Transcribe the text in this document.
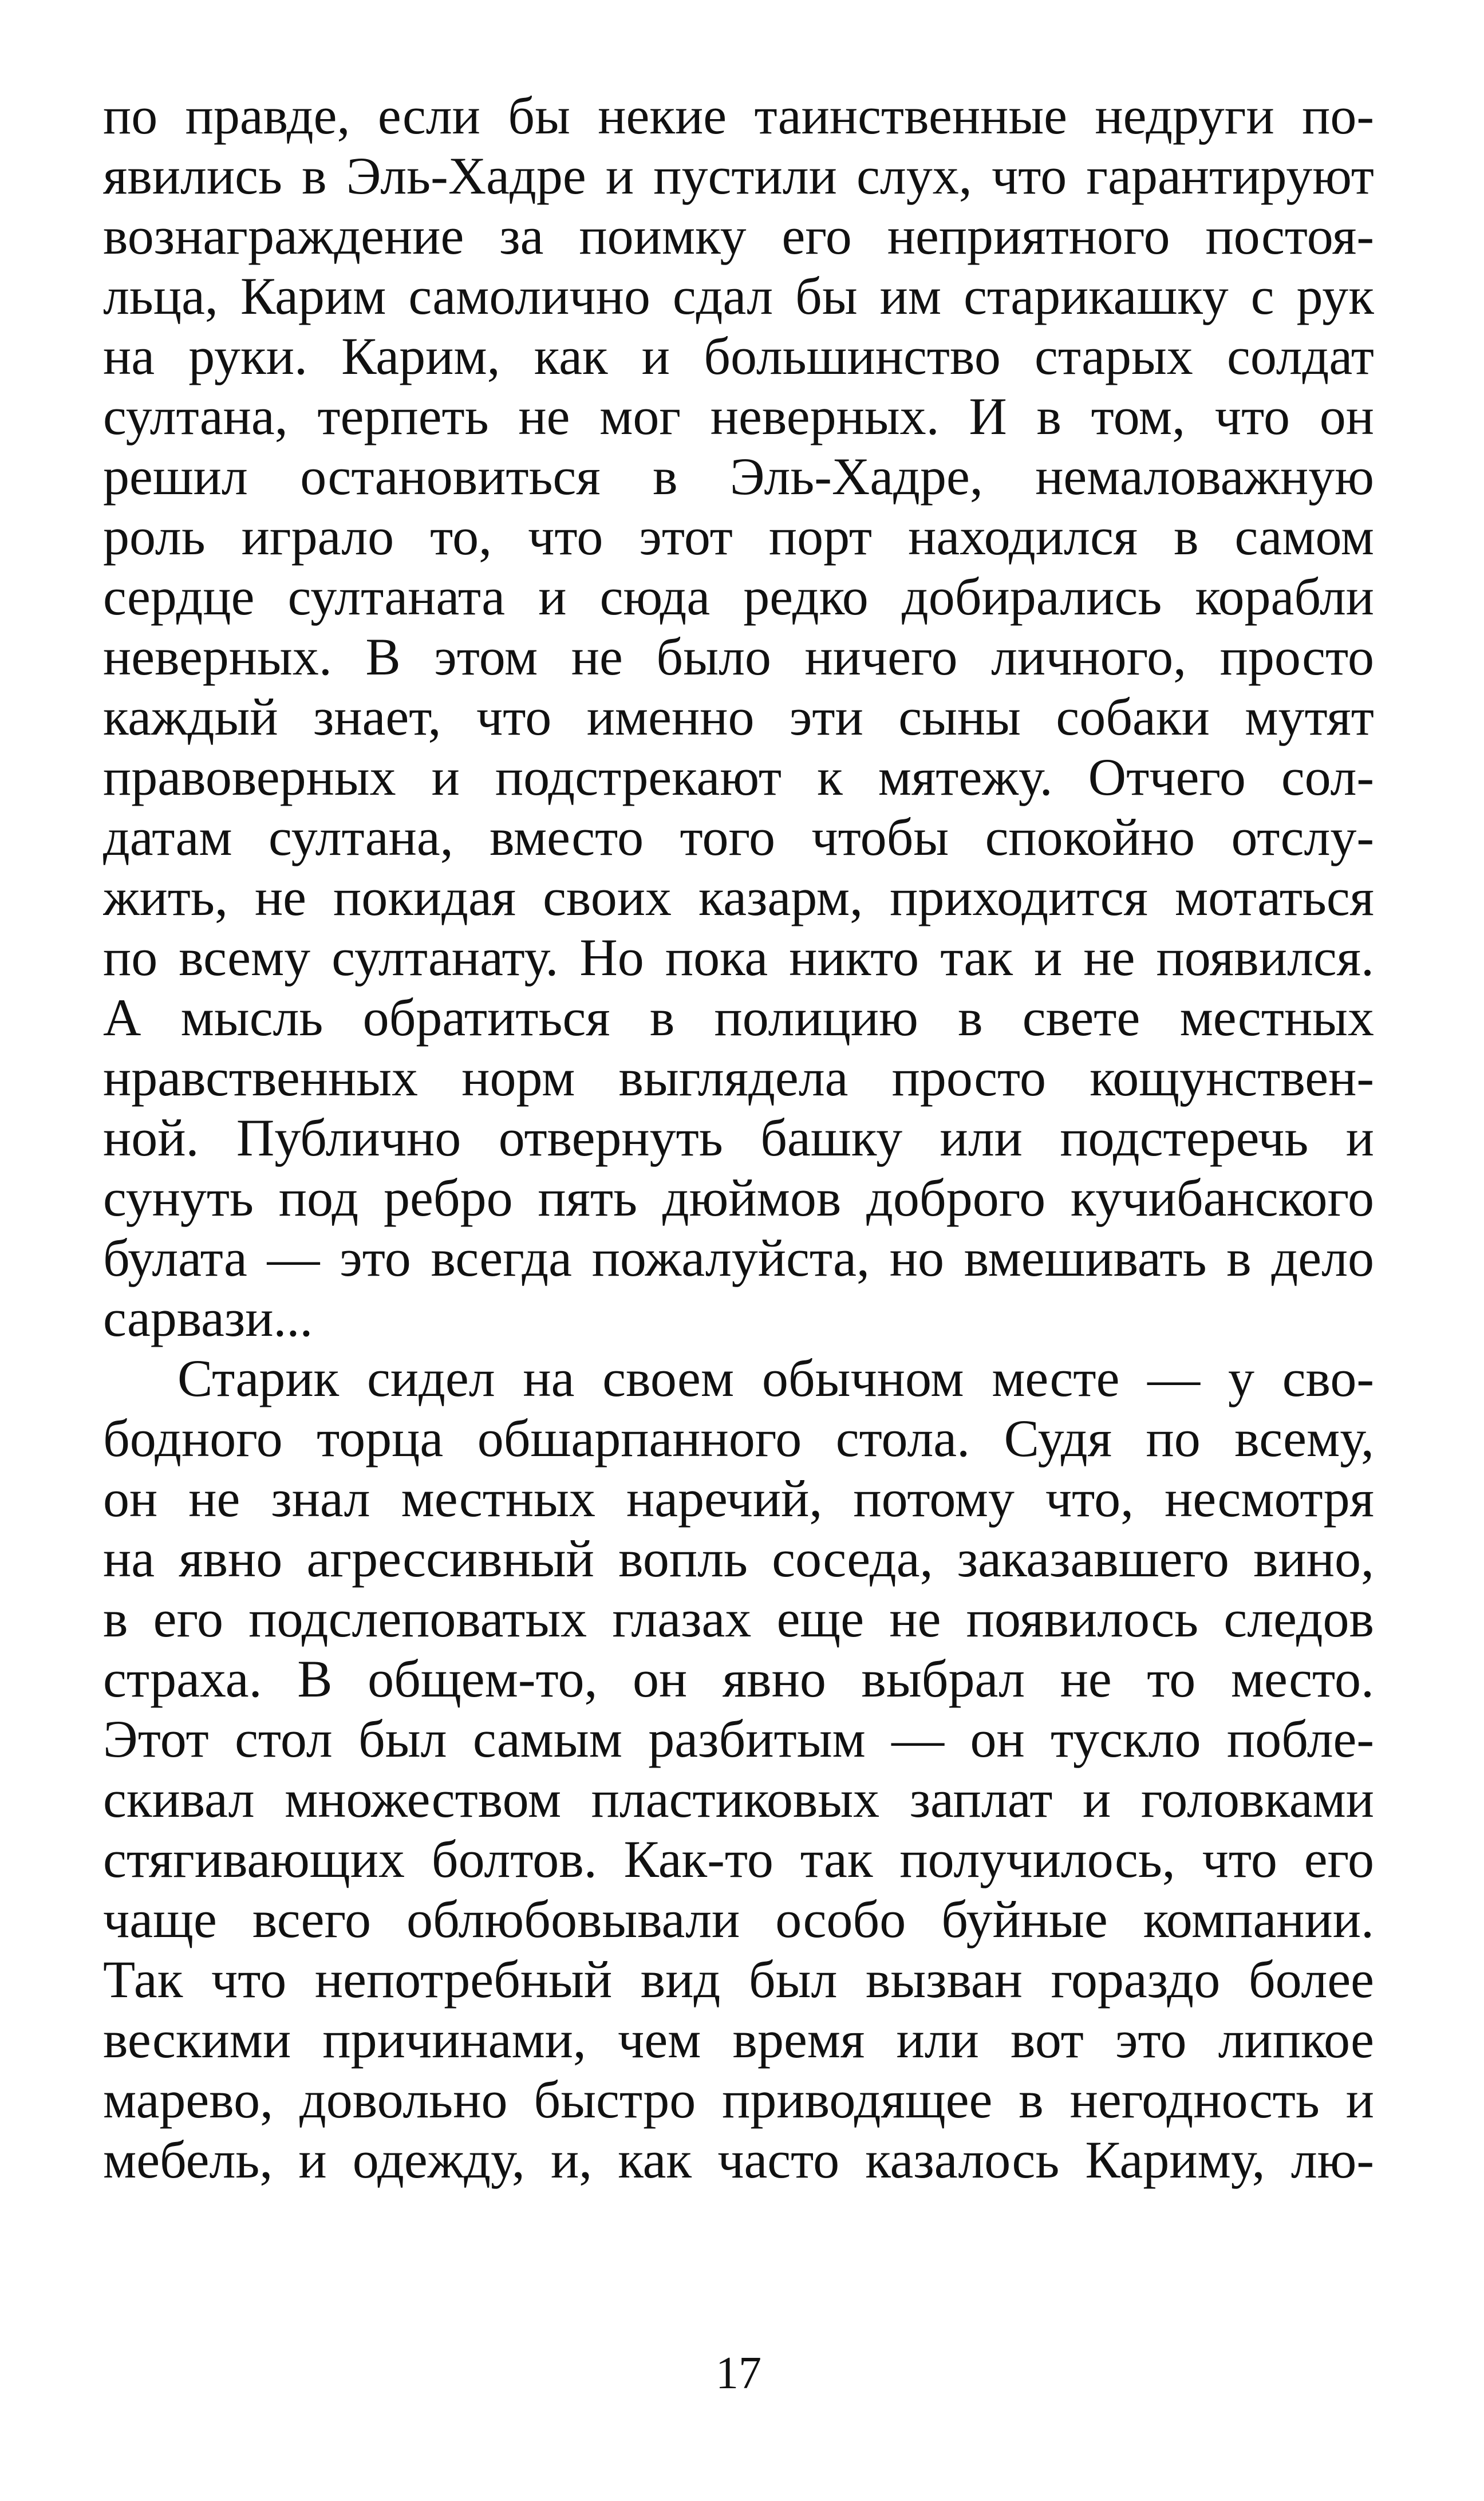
по правде, если бы некие таинственные недруги по-
явились в Эль-Хадре и пустили слух, что гарантируют
вознаграждение за поимку его неприятного постоя-
льца, Карим самолично сдал бы им старикашку с рук
на руки. Карим, как и большинство старых солдат
султана, терпеть не мог неверных. И в том, что он
решил остановиться в Эль-Хадре, немаловажную
роль играло то, что этот порт находился в самом
сердце султаната и сюда редко добирались корабли
неверных. В этом не было ничего личного, просто
каждый знает, что именно эти сыны собаки мутят
правоверных и подстрекают к мятежу. Отчего сол-
датам султана, вместо того чтобы спокойно отслу-
жить, не покидая своих казарм, приходится мотаться
по всему султанату. Но пока никто так и не появился.
А мысль обратиться в полицию в свете местных
нравственных норм выглядела просто кощунствен-
ной. Публично отвернуть башку или подстеречь и
сунуть под ребро пять дюймов доброго кучибанского
булата — это всегда пожалуйста, но вмешивать в дело
сарвази...
Старик сидел на своем обычном месте — у сво-
бодного торца обшарпанного стола. Судя по всему,
он не знал местных наречий, потому что, несмотря
на явно агрессивный вопль соседа, заказавшего вино,
в его подслеповатых глазах еще не появилось следов
страха. В общем-то, он явно выбрал не то место.
Этот стол был самым разбитым — он тускло побле-
скивал множеством пластиковых заплат и головками
стягивающих болтов. Как-то так получилось, что его
чаще всего облюбовывали особо буйные компании.
Так что непотребный вид был вызван гораздо более
вескими причинами, чем время или вот это липкое
марево, довольно быстро приводящее в негодность и
мебель, и одежду, и, как часто казалось Кариму, лю-
17
